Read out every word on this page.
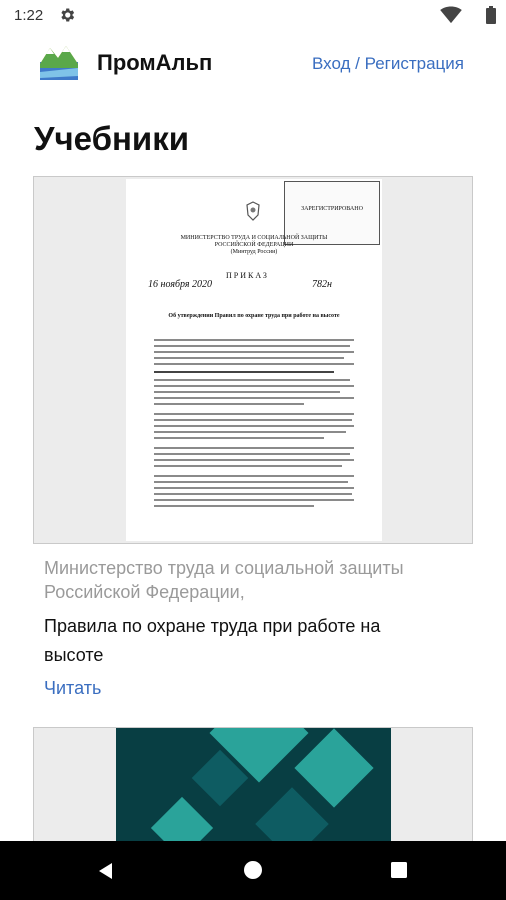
1:22
ПромАльп	Вход / Регистрация
Учебники
ЗАРЕГИСТРИРОВАНО
МИНИСТЕРСТВО ТРУДА И СОЦИАЛЬНОЙ ЗАЩИТЫ РОССИЙСКОЙ ФЕДЕРАЦИИ
(Минтруд России)
ПРИКАЗ
16 ноября 2020	782н
Об утверждении Правил по охране труда при работе на высоте
Министерство труда и социальной защиты Российской Федерации,
Правила по охране труда при работе на высоте
Читать
